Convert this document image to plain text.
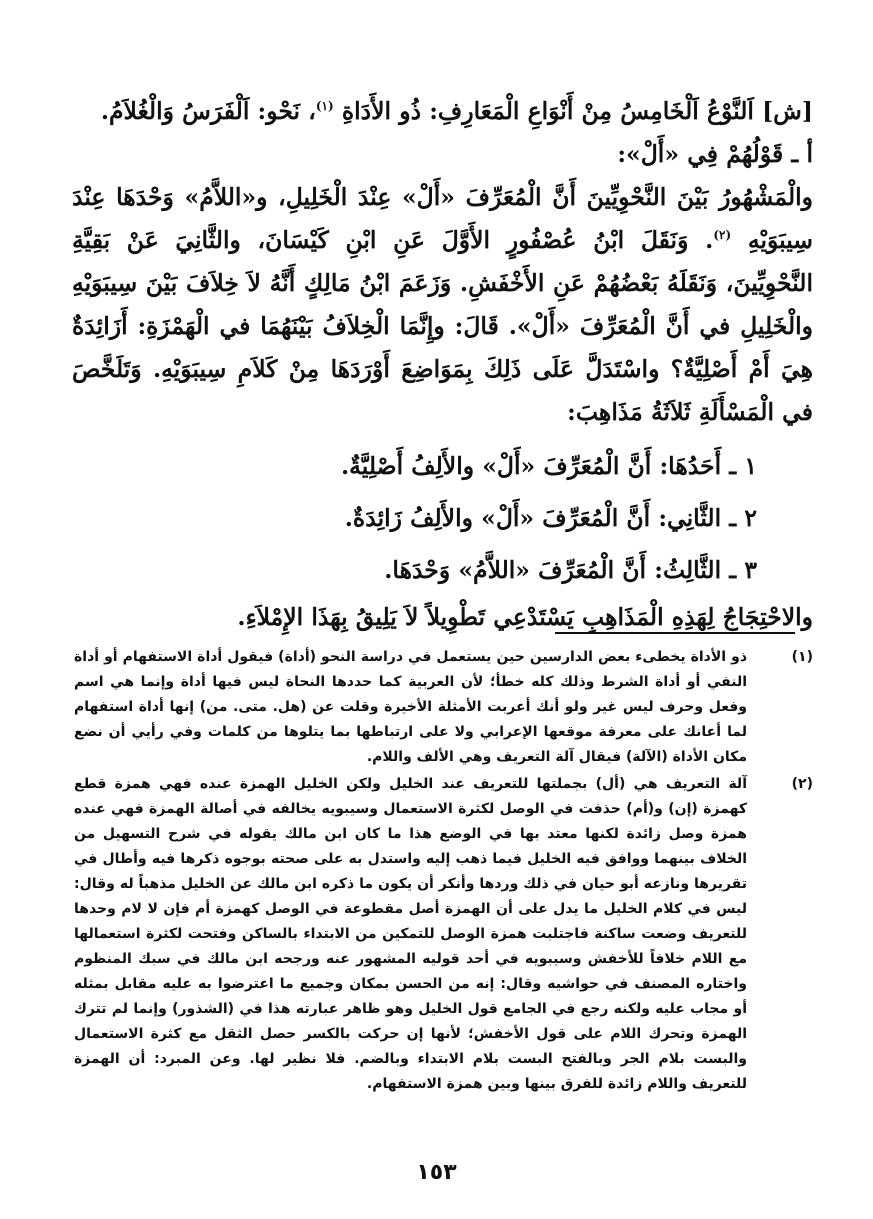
[ش] اَلنَّوْعُ اَلْخَامِسُ مِنْ أَنْوَاعِ الْمَعَارِفِ: ذُو الأَدَاةِ $^{(١)}$، نَحْو: اَلْفَرَسُ وَالْغُلاَمُ.

أ ـ قَوْلُهُمْ فِي «أَلْ»:

والْمَشْهُورُ بَيْنَ النَّحْوِيِّينَ أَنَّ الْمُعَرِّفَ «أَلْ» عِنْدَ الْخَلِيلِ، و«اللاَّمُ» وَحْدَهَا عِنْدَ سِيبَوَيْهِ $^{(٢)}$. وَنَقَلَ ابْنُ عُصْفُورٍ الأَوَّلَ عَنِ ابْنِ كَيْسَانَ، والثَّانِيَ عَنْ بَقِيَّةِ النَّحْوِيِّينَ، وَنَقَلَهُ بَعْضُهُمْ عَنِ الأَخْفَشِ. وَزَعَمَ ابْنُ مَالِكٍ أَنَّهُ لاَ خِلاَفَ بَيْنَ سِيبَوَيْهِ والْخَلِيلِ في أَنَّ الْمُعَرِّفَ «أَلْ». قَالَ: وإِنَّمَا الْخِلاَفُ بَيْنَهُمَا في الْهَمْزَةِ: أَزَائِدَةٌ هِيَ أَمْ أَصْلِيَّةٌ؟ واسْتَدَلَّ عَلَى ذَلِكَ بِمَوَاضِعَ أَوْرَدَهَا مِنْ كَلاَمِ سِيبَوَيْهِ. وَتَلَخَّصَ في الْمَسْأَلَةِ ثَلاَثَةُ مَذَاهِبَ:

١ ـ أَحَدُهَا: أَنَّ الْمُعَرِّفَ «أَلْ» والأَلِفُ أَصْلِيَّةٌ.
٢ ـ الثَّانِي: أَنَّ الْمُعَرِّفَ «أَلْ» والأَلِفُ زَائِدَةٌ.
٣ ـ الثَّالِثُ: أَنَّ الْمُعَرِّفَ «اللاَّمُ» وَحْدَهَا.

والاحْتِجَاجُ لِهَذِهِ الْمَذَاهِبِ يَسْتَدْعِي تَطْوِيلاً لاَ يَلِيقُ بِهَذَا الإِمْلاَءِ.

(١)
ذو الأداة يخطىء بعض الدارسين حين يستعمل في دراسة النحو (أداة) فيقول أداة الاستفهام أو أداة النفي أو أداة الشرط وذلك كله خطأ؛ لأن العربية كما حددها النحاة ليس فيها أداة وإنما هي اسم وفعل وحرف ليس غير ولو أنك أعربت الأمثلة الأخيرة وقلت عن (هل. متى. من) إنها أداة استفهام لما أعانك على معرفة موقعها الإعرابي ولا على ارتباطها بما يتلوها من كلمات وفي رأيي أن نضع مكان الأداة (الآلة) فيقال آلة التعريف وهي الألف واللام.
(٢)
آلة التعريف هي (أل) بجملتها للتعريف عند الخليل ولكن الخليل الهمزة عنده فهي همزة قطع كهمزة (إن) و(أم) حذفت في الوصل لكثرة الاستعمال وسيبويه يخالفه في أصالة الهمزة فهي عنده همزة وصل زائدة لكنها معتد بها في الوضع هذا ما كان ابن مالك يقوله في شرح التسهيل من الخلاف بينهما ووافق فيه الخليل فيما ذهب إليه واستدل به على صحته بوجوه ذكرها فيه وأطال في تقريرها ونازعه أبو حيان في ذلك وردها وأنكر أن يكون ما ذكره ابن مالك عن الخليل مذهباً له وقال: ليس في كلام الخليل ما يدل على أن الهمزة أصل مقطوعة في الوصل كهمزة أم فإن لا لام وحدها للتعريف وضعت ساكنة فاجتلبت همزة الوصل للتمكين من الابتداء بالساكن وفتحت لكثرة استعمالها مع اللام خلافاً للأخفش وسيبويه في أحد قوليه المشهور عنه ورجحه ابن مالك في سبك المنظوم واختاره المصنف في حواشيه وقال: إنه من الحسن بمكان وجميع ما اعترضوا به عليه مقابل بمثله أو مجاب عليه ولكنه رجع في الجامع قول الخليل وهو ظاهر عبارته هذا في (الشذور) وإنما لم تترك الهمزة وتحرك اللام على قول الأخفش؛ لأنها إن حركت بالكسر حصل الثقل مع كثرة الاستعمال والبست بلام الجر وبالفتح البست بلام الابتداء وبالضم. فلا نظير لها. وعن المبرد: أن الهمزة للتعريف واللام زائدة للفرق بينها وبين همزة الاستفهام.
١٥٣
